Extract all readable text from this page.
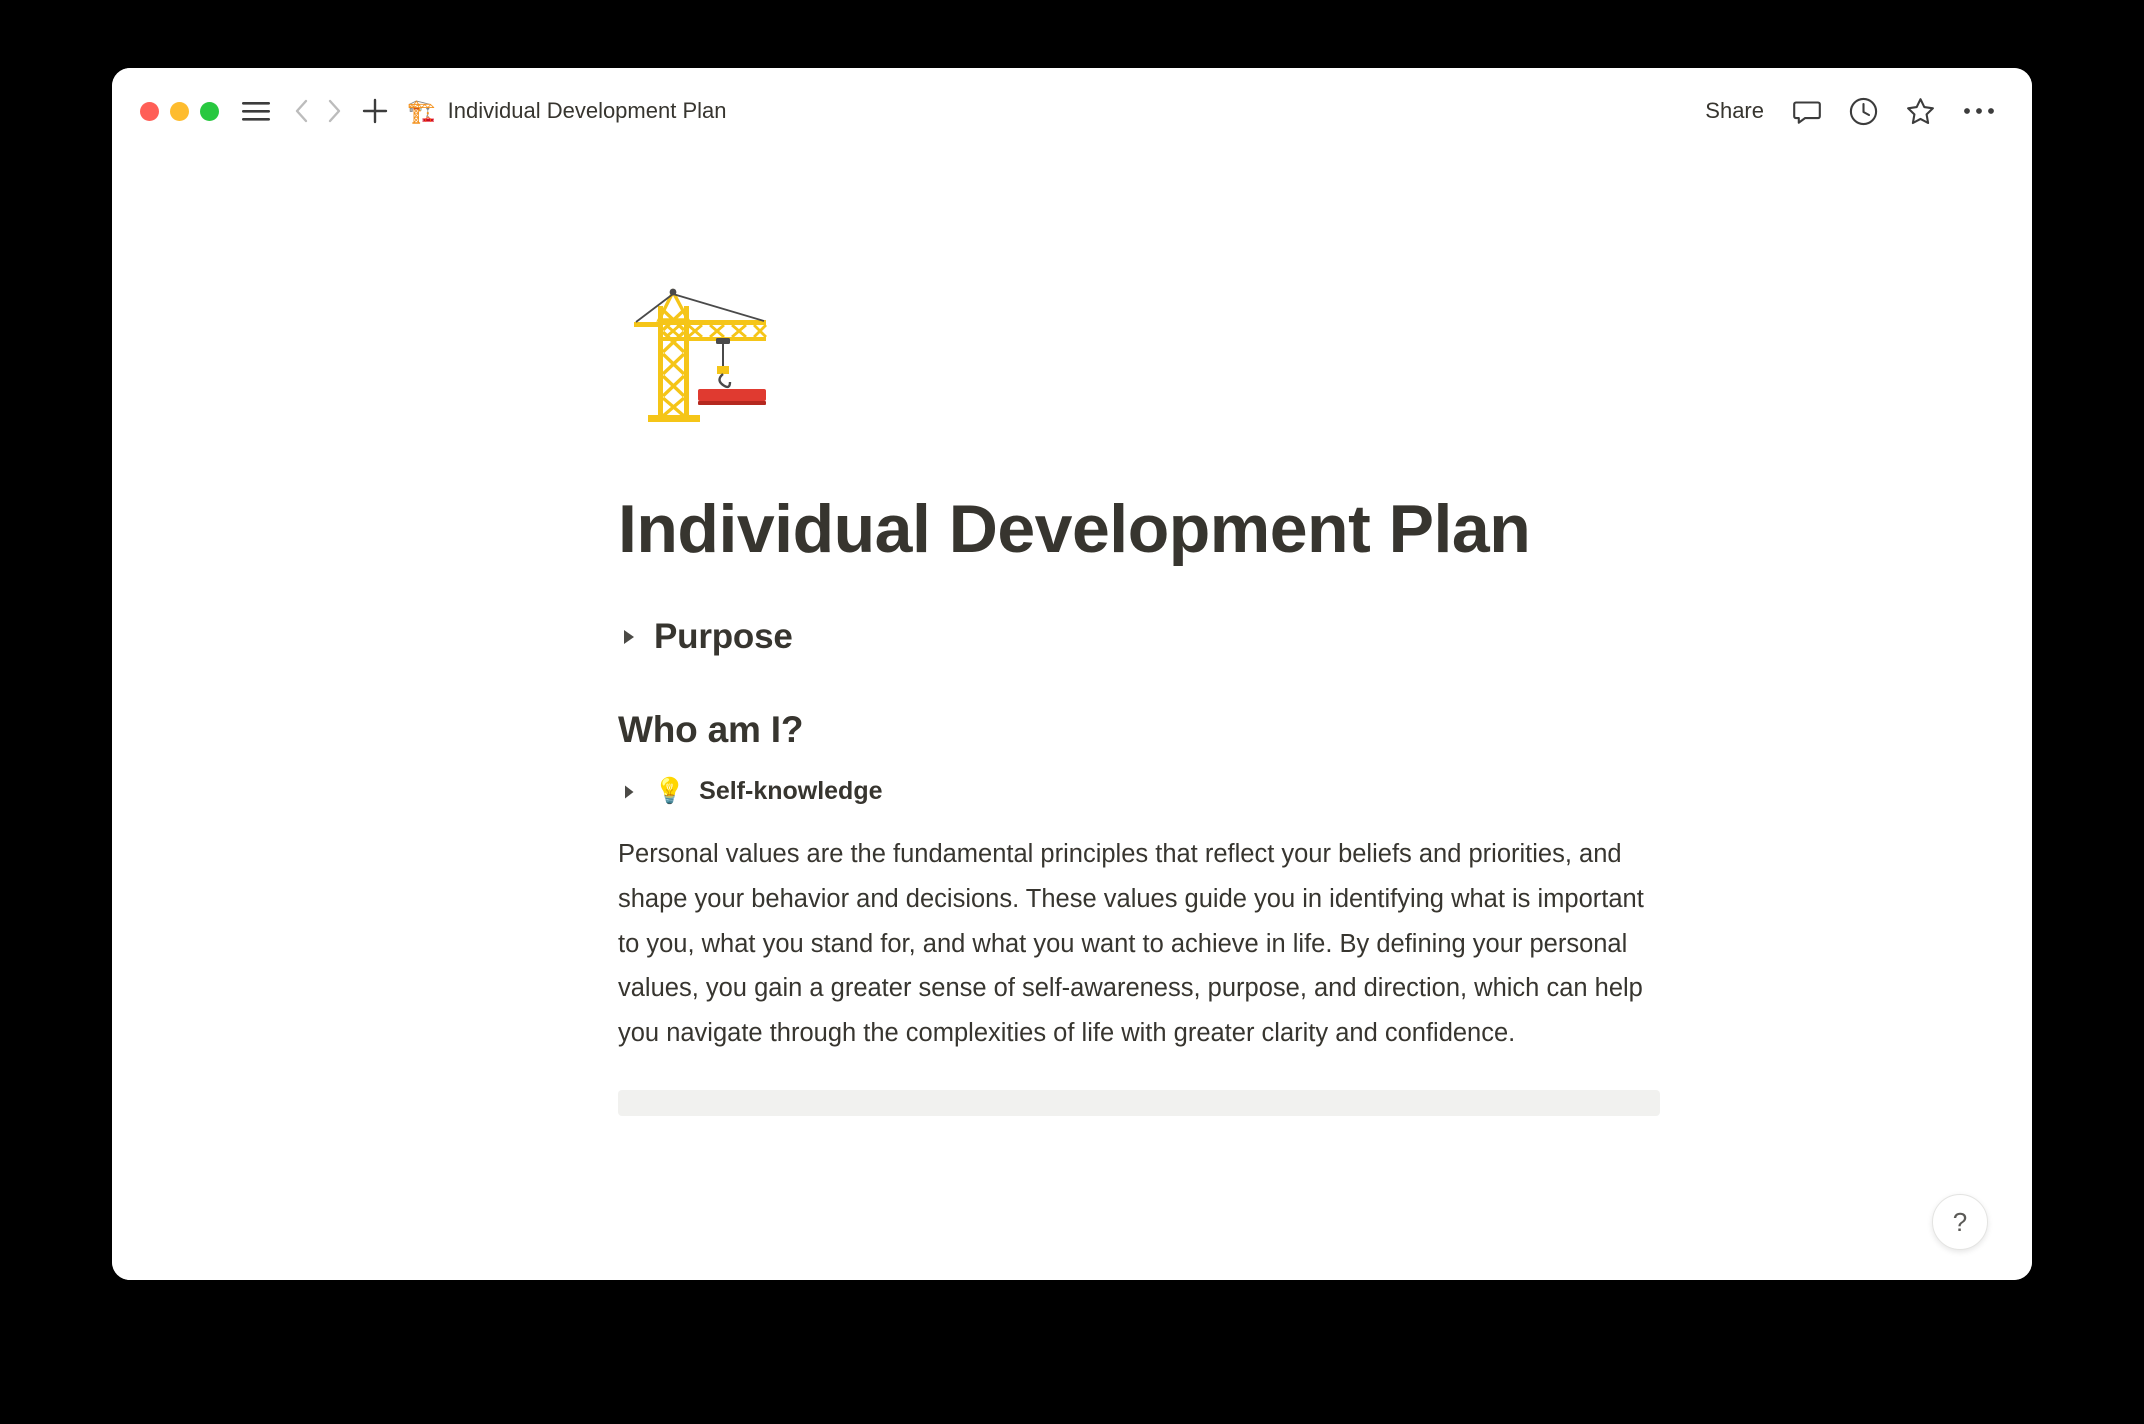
🏗️ Individual Development Plan	Share
Individual Development Plan
Purpose
Who am I?
💡 Self-knowledge

Personal values are the fundamental principles that reflect your beliefs and priorities, and shape your behavior and decisions. These values guide you in identifying what is important to you, what you stand for, and what you want to achieve in life. By defining your personal values, you gain a greater sense of self-awareness, purpose, and direction, which can help you navigate through the complexities of life with greater clarity and confidence.

?
